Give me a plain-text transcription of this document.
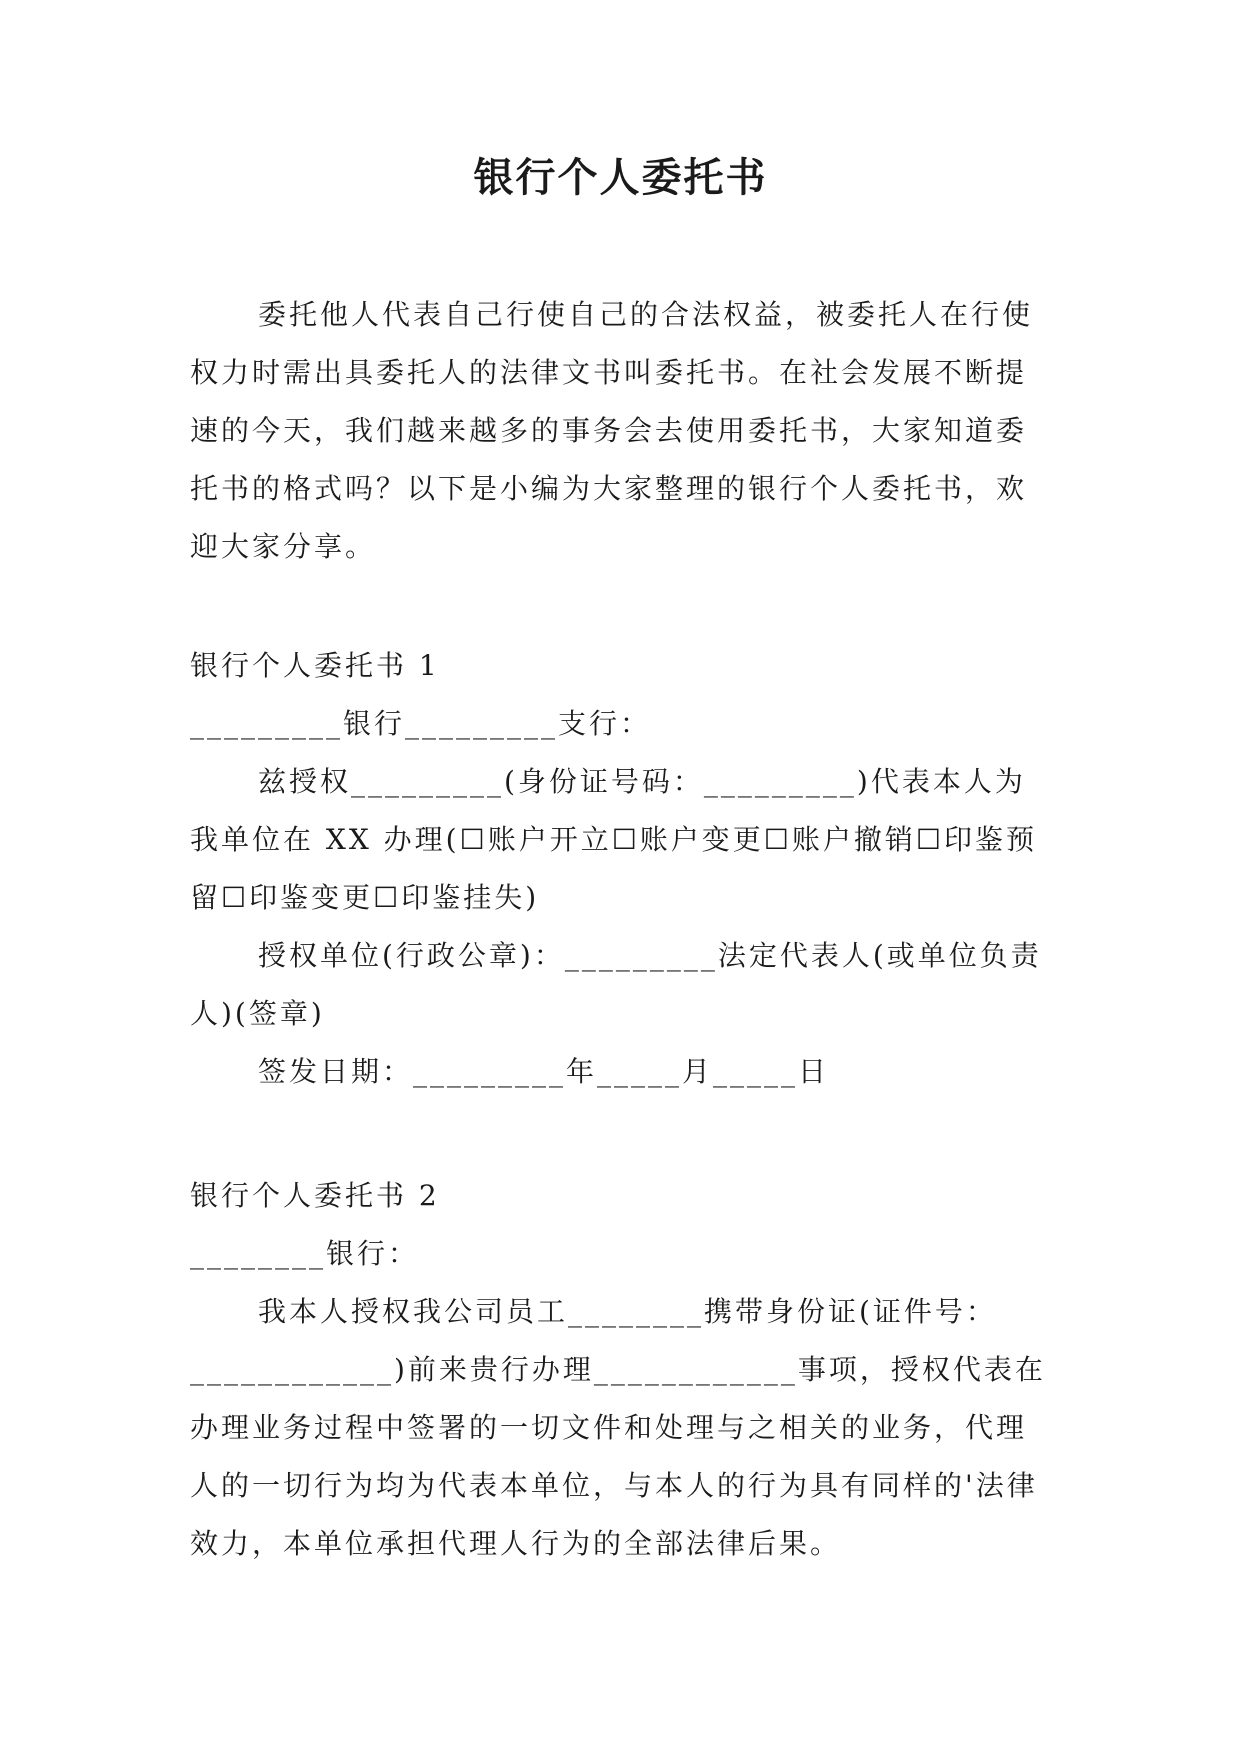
银行个人委托书

委托他人代表自己行使自己的合法权益，被委托人在行使权力时需出具委托人的法律文书叫委托书。在社会发展不断提速的今天，我们越来越多的事务会去使用委托书，大家知道委托书的格式吗？以下是小编为大家整理的银行个人委托书，欢迎大家分享。

银行个人委托书 1

_________银行_________支行：

兹授权_________(身份证号码：_________)代表本人为我单位在 XX 办理(☐账户开立☐账户变更☐账户撤销☐印鉴预留☐印鉴变更☐印鉴挂失)

授权单位(行政公章)：_________法定代表人(或单位负责人)(签章)

签发日期：_________年_____月_____日

银行个人委托书 2

________银行：

我本人授权我公司员工________携带身份证(证件号：____________)前来贵行办理____________事项，授权代表在办理业务过程中签署的一切文件和处理与之相关的业务，代理人的一切行为均为代表本单位，与本人的行为具有同样的'法律效力，本单位承担代理人行为的全部法律后果。
